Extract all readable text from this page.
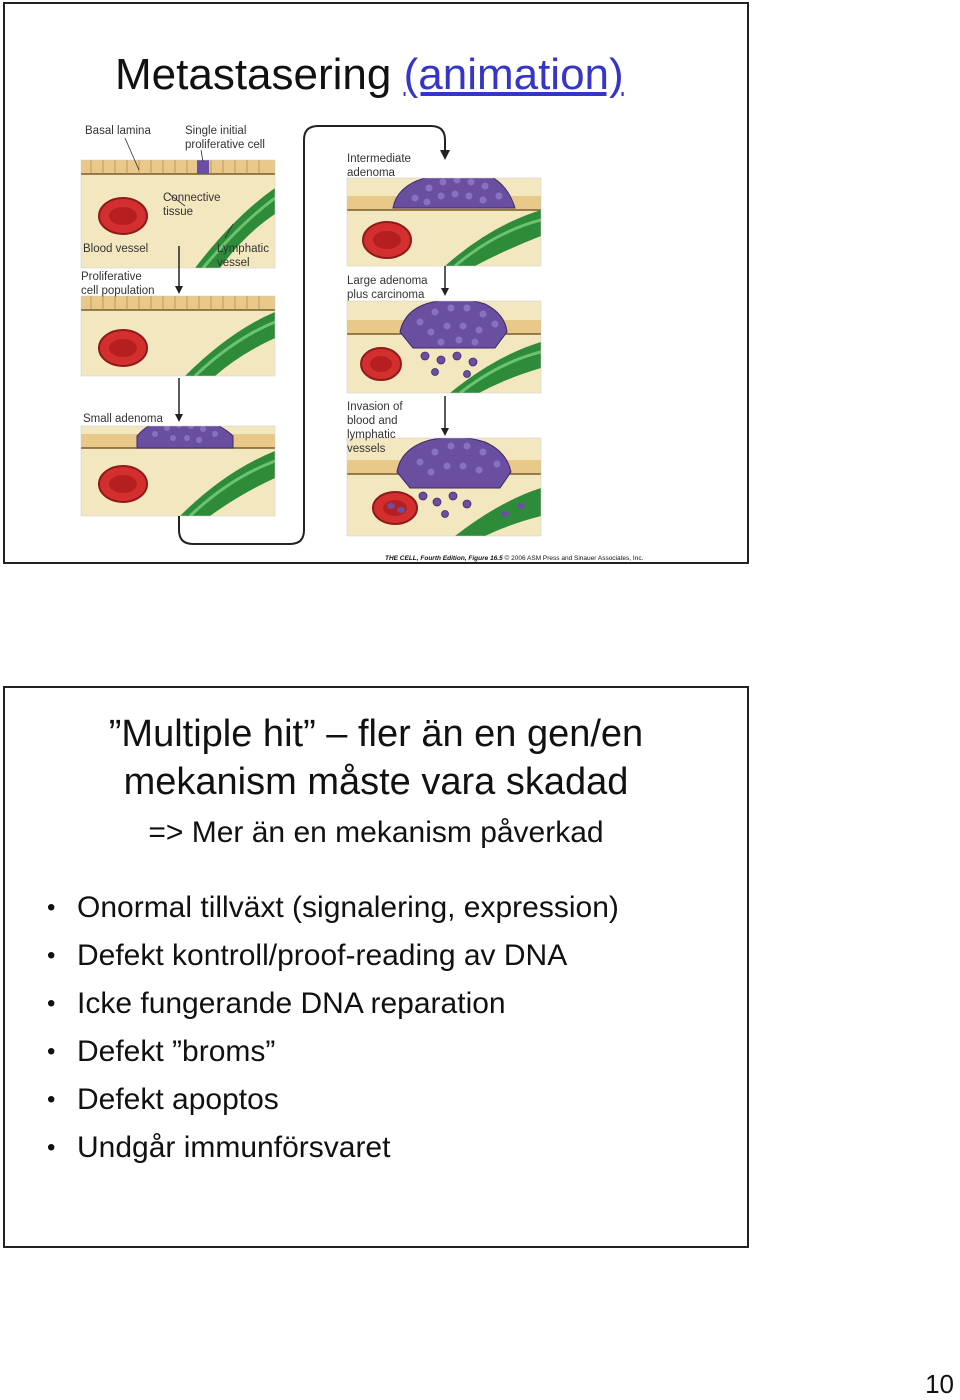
Metastasering (animation)
Basal lamina	Single initial
proliferative cell
Connective
tissue
Blood vessel	Lymphatic
vessel
Proliferative
cell population
Small adenoma
Intermediate
adenoma
Large adenoma
plus carcinoma
Invasion of
blood and
lymphatic
vessels
THE CELL, Fourth Edition, Figure 16.5 © 2006 ASM Press and Sinauer Associates, Inc.
”Multiple hit” – fler än en gen/en
mekanism måste vara skadad

=> Mer än en mekanism påverkad

• Onormal tillväxt (signalering, expression)
• Defekt kontroll/proof-reading av DNA
• Icke fungerande DNA reparation
• Defekt ”broms”
• Defekt apoptos
• Undgår immunförsvaret
10
